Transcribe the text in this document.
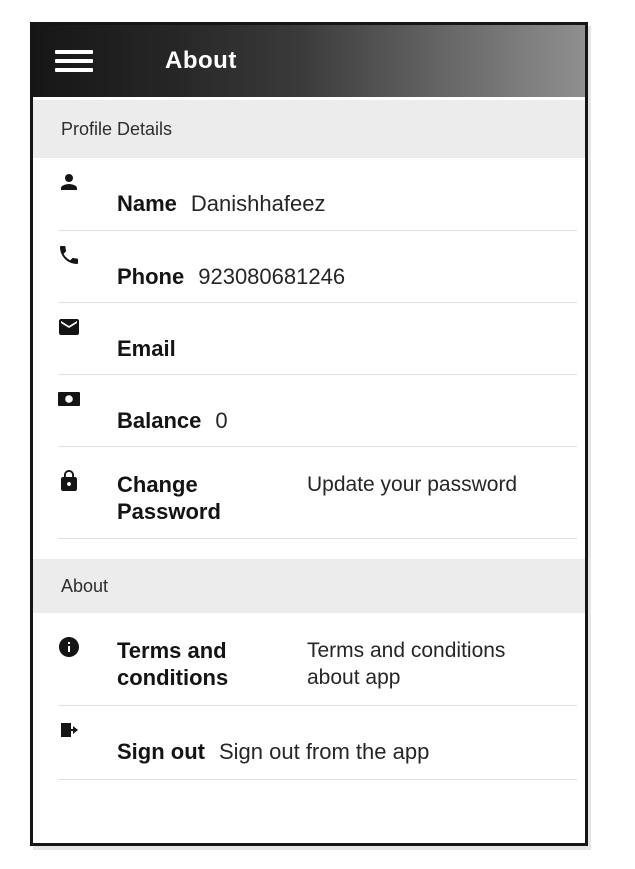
About
Profile Details
Name Danishhafeez
Phone 923080681246
Email
Balance 0
Change Password
Update your password
About
Terms and conditions
Terms and conditions about app
Sign out Sign out from the app
